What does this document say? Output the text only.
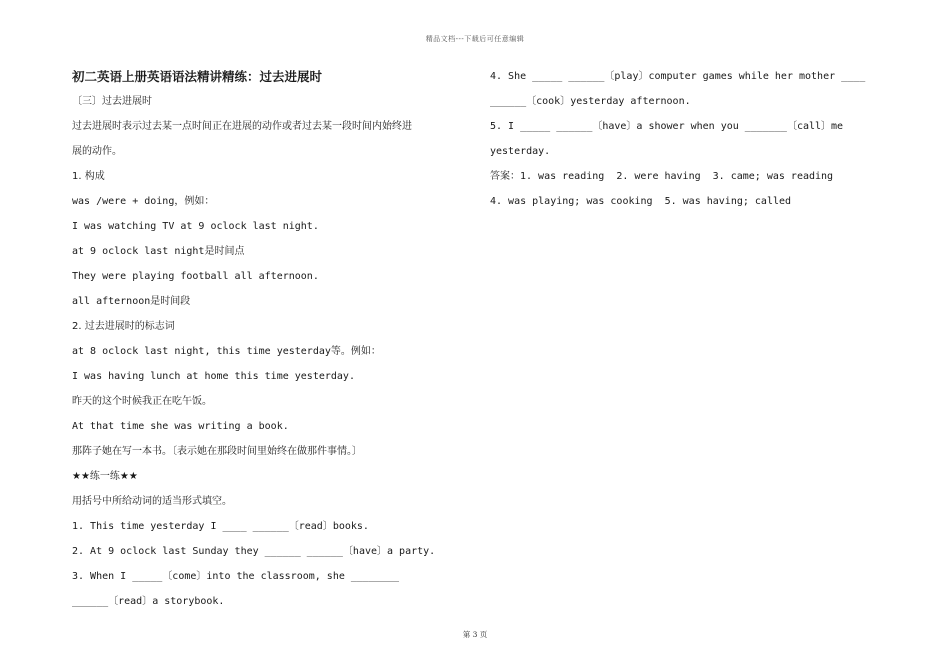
精品文档---下载后可任意编辑
初二英语上册英语语法精讲精练：过去进展时
〔三〕过去进展时
过去进展时表示过去某一点时间正在进展的动作或者过去某一段时间内始终进
展的动作。
1. 构成
was /were + doing，例如：
I was watching TV at 9 oclock last night.
at 9 oclock last night是时间点
They were playing football all afternoon.
all afternoon是时间段
2. 过去进展时的标志词
at 8 oclock last night, this time yesterday等。例如：
I was having lunch at home this time yesterday.
昨天的这个时候我正在吃午饭。
At that time she was writing a book.
那阵子她在写一本书。〔表示她在那段时间里始终在做那件事情。〕
★★练一练★★
用括号中所给动词的适当形式填空。
1. This time yesterday I ____ ______〔read〕books.
2. At 9 oclock last Sunday they ______ ______〔have〕a party.
3. When I _____〔come〕into the classroom, she ________
______〔read〕a storybook.
4. She _____ ______〔play〕computer games while her mother ____
______〔cook〕yesterday afternoon.
5. I _____ ______〔have〕a shower when you _______〔call〕me
yesterday.
答案：1. was reading  2. were having  3. came; was reading
4. was playing; was cooking  5. was having; called
第 3 页
